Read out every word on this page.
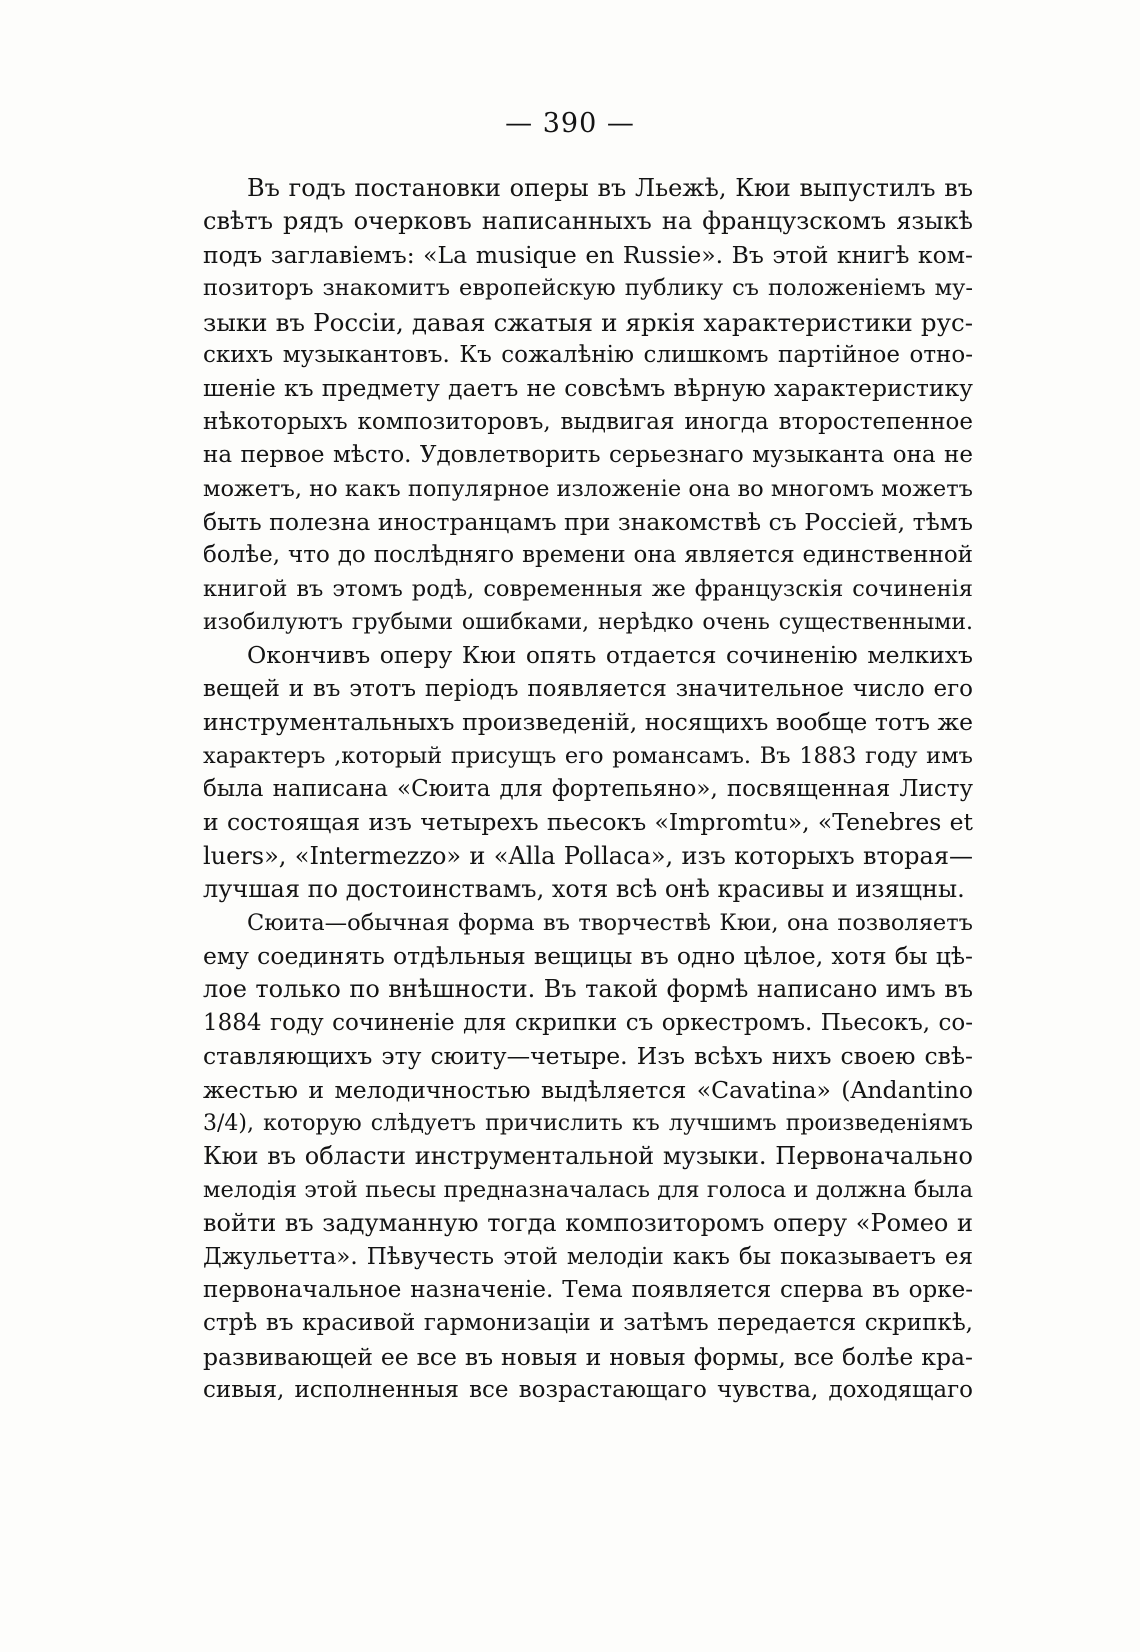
— 390 —
Въ годъ постановки оперы въ Льежѣ, Кюи выпустилъ въ
свѣтъ рядъ очерковъ написанныхъ на французскомъ языкѣ
подъ заглавіемъ: «La musique en Russie». Въ этой книгѣ ком-
позиторъ знакомитъ европейскую публику съ положеніемъ му-
зыки въ Россіи, давая сжатыя и яркія характеристики рус-
скихъ музыкантовъ. Къ сожалѣнію слишкомъ партійное отно-
шеніе къ предмету даетъ не совсѣмъ вѣрную характеристику
нѣкоторыхъ композиторовъ, выдвигая иногда второстепенное
на первое мѣсто. Удовлетворить серьезнаго музыканта она не
можетъ, но какъ популярное изложеніе она во многомъ можетъ
быть полезна иностранцамъ при знакомствѣ съ Россіей, тѣмъ
болѣе, что до послѣдняго времени она является единственной
книгой въ этомъ родѣ, современныя же французскія сочиненія
изобилуютъ грубыми ошибками, нерѣдко очень существенными.
Окончивъ оперу Кюи опять отдается сочиненію мелкихъ
вещей и въ этотъ періодъ появляется значительное число его
инструментальныхъ произведеній, носящихъ вообще тотъ же
характеръ ,который присущъ его романсамъ. Въ 1883 году имъ
была написана «Сюита для фортепьяно», посвященная Листу
и состоящая изъ четырехъ пьесокъ «Impromtu», «Tenebres et
luers», «Intermezzo» и «Alla Pollaca», изъ которыхъ вторая—
лучшая по достоинствамъ, хотя всѣ онѣ красивы и изящны.
Сюита—обычная форма въ творчествѣ Кюи, она позволяетъ
ему соединять отдѣльныя вещицы въ одно цѣлое, хотя бы цѣ-
лое только по внѣшности. Въ такой формѣ написано имъ въ
1884 году сочиненіе для скрипки съ оркестромъ. Пьесокъ, со-
ставляющихъ эту сюиту—четыре. Изъ всѣхъ нихъ своею свѣ-
жестью и мелодичностью выдѣляется «Cavatina» (Andantino
3/4), которую слѣдуетъ причислить къ лучшимъ произведеніямъ
Кюи въ области инструментальной музыки. Первоначально
мелодія этой пьесы предназначалась для голоса и должна была
войти въ задуманную тогда композиторомъ оперу «Ромео и
Джульетта». Пѣвучесть этой мелодіи какъ бы показываетъ ея
первоначальное назначеніе. Тема появляется сперва въ орке-
стрѣ въ красивой гармонизаціи и затѣмъ передается скрипкѣ,
развивающей ее все въ новыя и новыя формы, все болѣе кра-
сивыя, исполненныя все возрастающаго чувства, доходящаго
